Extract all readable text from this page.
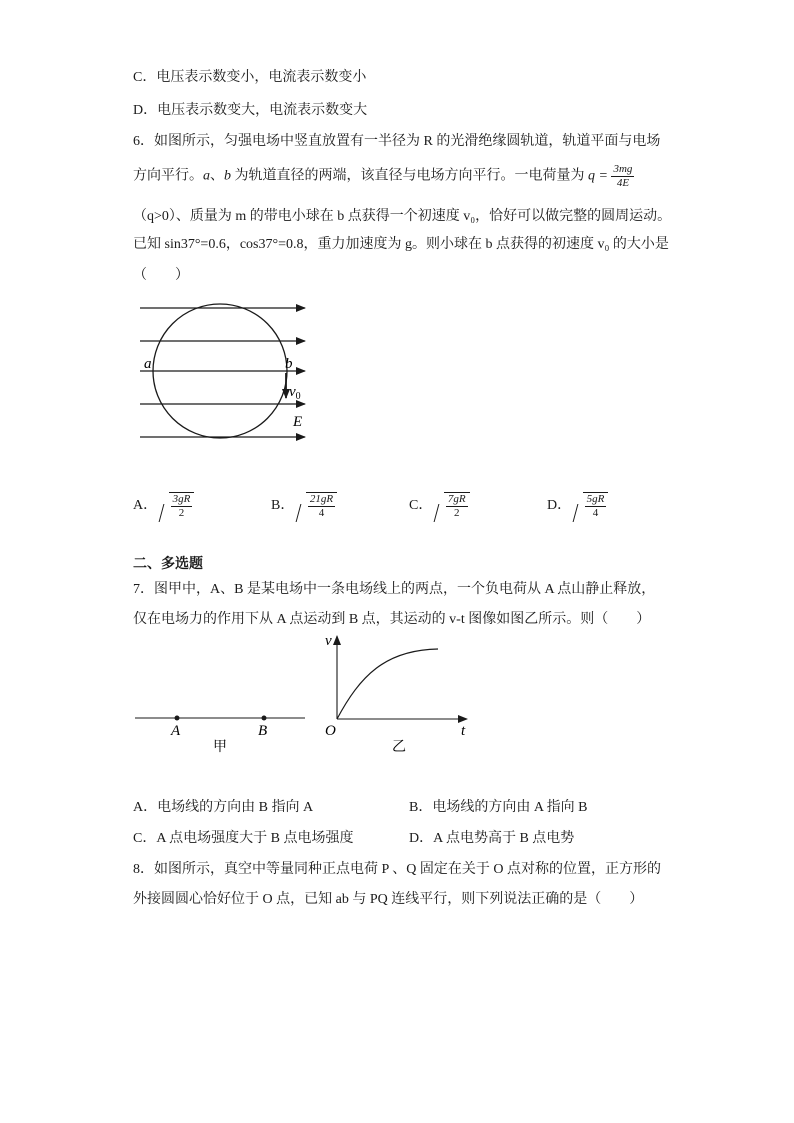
C．电压表示数变小，电流表示数变小
D．电压表示数变大，电流表示数变大
6．如图所示，匀强电场中竖直放置有一半径为 R 的光滑绝缘圆轨道，轨道平面与电场
方向平行。a、b 为轨道直径的两端，该直径与电场方向平行。一电荷量为 $q = \frac{3mg}{4E}$
（q>0）、质量为 m 的带电小球在 b 点获得一个初速度 v₀，恰好可以做完整的圆周运动。
已知 sin37°=0.6，cos37°=0.8，重力加速度为 g。则小球在 b 点获得的初速度 v₀ 的大小是
（　　）
a	b
$v_0$
E
A． $\frac{3gR}{2}$	B． $\frac{21gR}{4}$	C． $\frac{7gR}{2}$	D． $\frac{5gR}{4}$
二、多选题
7．图甲中，A、B 是某电场中一条电场线上的两点，一个负电荷从 A 点山静止释放，
仅在电场力的作用下从 A 点运动到 B 点，其运动的 v-t 图像如图乙所示。则（　　）
A	B
甲
v
O	t
乙
A．电场线的方向由 B 指向 A	B．电场线的方向由 A 指向 B
C．A 点电场强度大于 B 点电场强度	D．A 点电势高于 B 点电势
8．如图所示，真空中等量同种正点电荷 P 、Q 固定在关于 O 点对称的位置，正方形的
外接圆圆心恰好位于 O 点，已知 ab 与 PQ 连线平行，则下列说法正确的是（　　）
